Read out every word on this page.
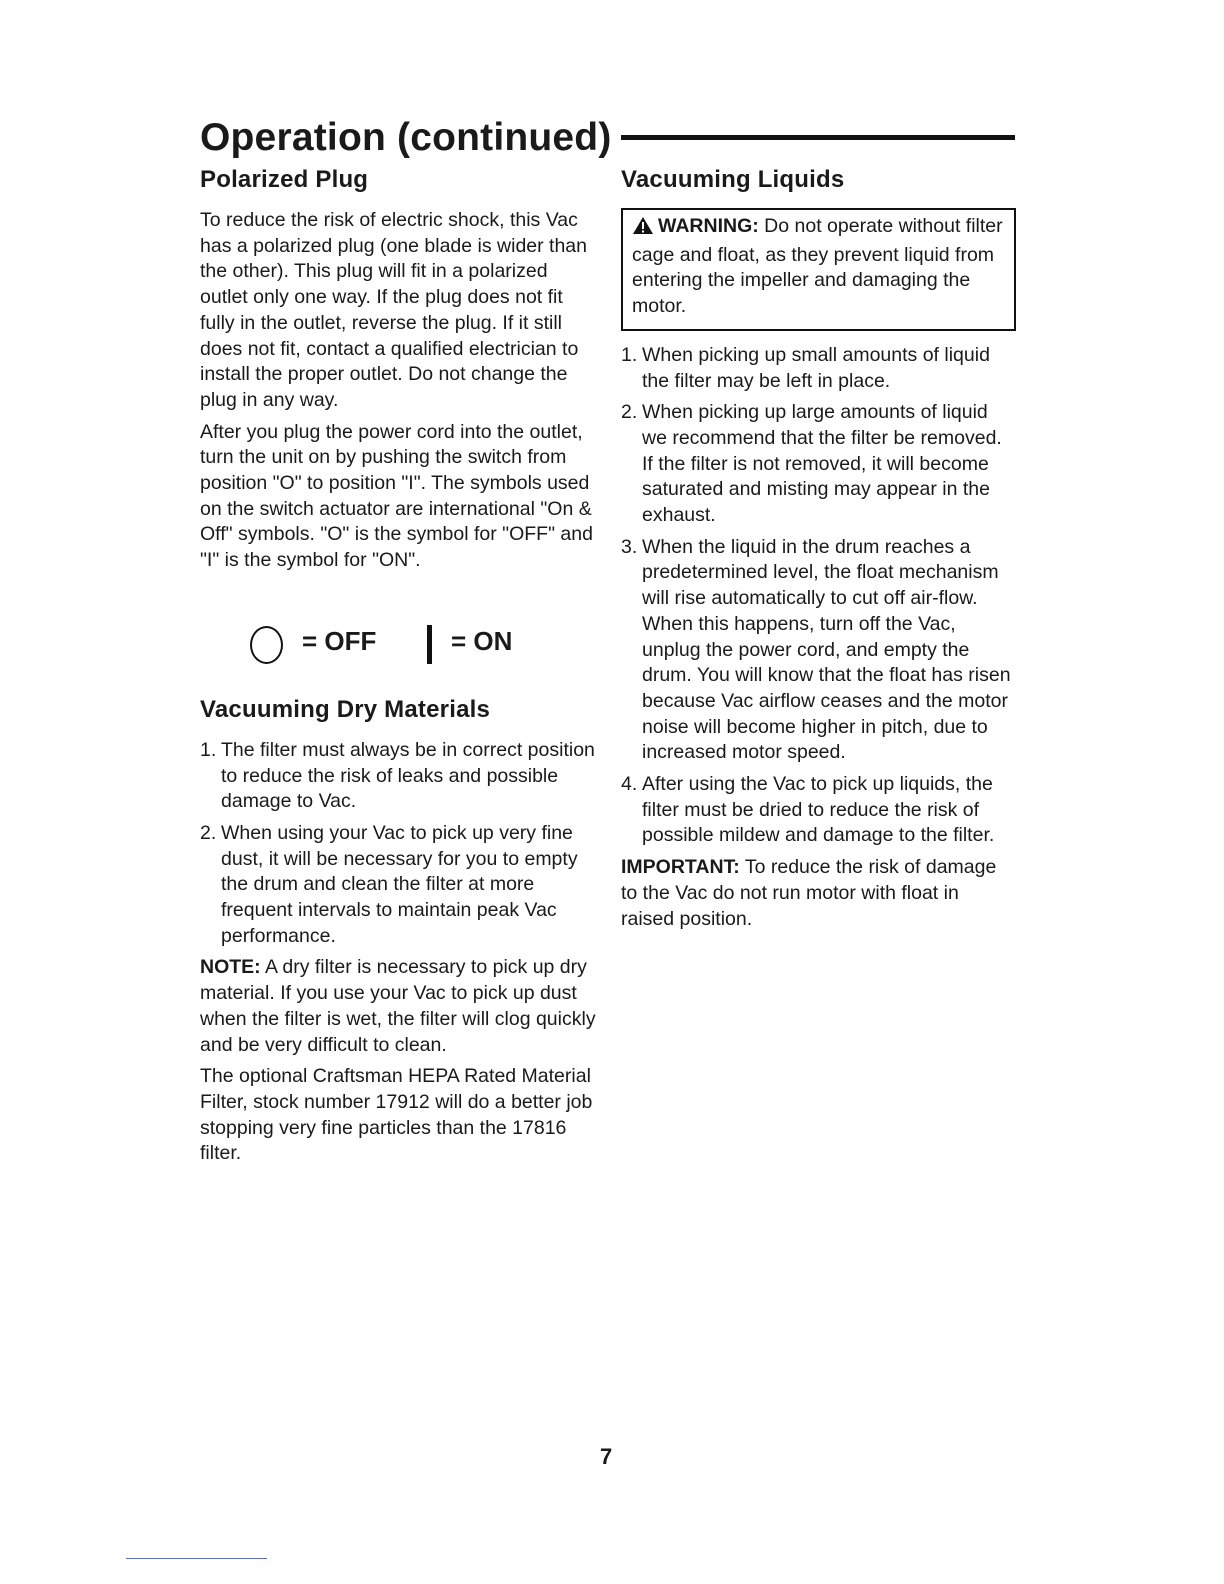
Operation (continued)
Polarized Plug

To reduce the risk of electric shock, this Vac has a polarized plug (one blade is wider than the other). This plug will fit in a polarized outlet only one way. If the plug does not fit fully in the outlet, reverse the plug. If it still does not fit, contact a qualified electrician to install the proper outlet. Do not change the plug in any way.

After you plug the power cord into the outlet, turn the unit on by pushing the switch from position "O" to position "I". The symbols used on the switch actuator are international "On & Off" symbols. "O" is the symbol for "OFF" and "I" is the symbol for "ON".

= OFF	= ON
Vacuuming Dry Materials
1. The filter must always be in correct position to reduce the risk of leaks and possible damage to Vac.
2. When using your Vac to pick up very fine dust, it will be necessary for you to empty the drum and clean the filter at more frequent intervals to maintain peak Vac performance.

NOTE: A dry filter is necessary to pick up dry material. If you use your Vac to pick up dust when the filter is wet, the filter will clog quickly and be very difficult to clean.

The optional Craftsman HEPA Rated Material Filter, stock number 17912 will do a better job stopping very fine particles than the 17816 filter.

Vacuuming Liquids

WARNING: Do not operate without filter cage and float, as they prevent liquid from entering the impeller and damaging the motor.

1. When picking up small amounts of liquid the filter may be left in place.
2. When picking up large amounts of liquid we recommend that the filter be removed. If the filter is not removed, it will become saturated and misting may appear in the exhaust.
3. When the liquid in the drum reaches a predetermined level, the float mechanism will rise automatically to cut off air-flow. When this happens, turn off the Vac, unplug the power cord, and empty the drum. You will know that the float has risen because Vac airflow ceases and the motor noise will become higher in pitch, due to increased motor speed.
4. After using the Vac to pick up liquids, the filter must be dried to reduce the risk of possible mildew and damage to the filter.

IMPORTANT: To reduce the risk of damage to the Vac do not run motor with float in raised position.

7
